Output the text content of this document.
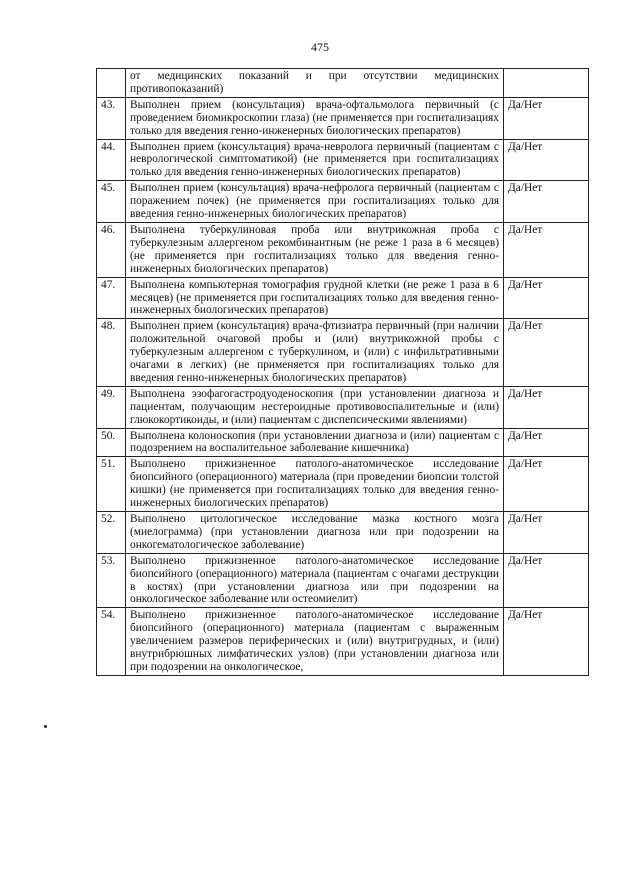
475
	от медицинских показаний и при отсутствии медицинских противопоказаний)	
43.	Выполнен прием (консультация) врача-офтальмолога первичный (с проведением биомикроскопии глаза) (не применяется при госпитализациях только для введения генно-инженерных биологических препаратов)	Да/Нет
44.	Выполнен прием (консультация) врача-невролога первичный (пациентам с неврологической симптоматикой) (не применяется при госпитализациях только для введения генно-инженерных биологических препаратов)	Да/Нет
45.	Выполнен прием (консультация) врача-нефролога первичный (пациентам с поражением почек) (не применяется при госпитализациях только для введения генно-инженерных биологических препаратов)	Да/Нет
46.	Выполнена туберкулиновая проба или внутрикожная проба с туберкулезным аллергеном рекомбинантным (не реже 1 раза в 6 месяцев) (не применяется при госпитализациях только для введения генно-инженерных биологических препаратов)	Да/Нет
47.	Выполнена компьютерная томография грудной клетки (не реже 1 раза в 6 месяцев) (не применяется при госпитализациях только для введения генно-инженерных биологических препаратов)	Да/Нет
48.	Выполнен прием (консультация) врача-фтизиатра первичный (при наличии положительной очаговой пробы и (или) внутрикожной пробы с туберкулезным аллергеном с туберкулином, и (или) с инфильтративными очагами в легких) (не применяется при госпитализациях только для введения генно-инженерных биологических препаратов)	Да/Нет
49.	Выполнена эзофагогастродуоденоскопия (при установлении диагноза и пациентам, получающим нестероидные противовоспалительные и (или) глюкокортикоиды, и (или) пациентам с диспепсическими явлениями)	Да/Нет
50.	Выполнена колоноскопия (при установлении диагноза и (или) пациентам с подозрением на воспалительное заболевание кишечника)	Да/Нет
51.	Выполнено прижизненное патолого-анатомическое исследование биопсийного (операционного) материала (при проведении биопсии толстой кишки) (не применяется при госпитализациях только для введения генно-инженерных биологических препаратов)	Да/Нет
52.	Выполнено цитологическое исследование мазка костного мозга (миелограмма) (при установлении диагноза или при подозрении на онкогематологическое заболевание)	Да/Нет
53.	Выполнено прижизненное патолого-анатомическое исследование биопсийного (операционного) материала (пациентам с очагами деструкции в костях) (при установлении диагноза или при подозрении на онкологическое заболевание или остеомиелит)	Да/Нет
54.	Выполнено прижизненное патолого-анатомическое исследование биопсийного (операционного) материала (пациентам с выраженным увеличением размеров периферических и (или) внутригрудных, и (или) внутрибрюшных лимфатических узлов) (при установлении диагноза или при подозрении на онкологическое,	Да/Нет
